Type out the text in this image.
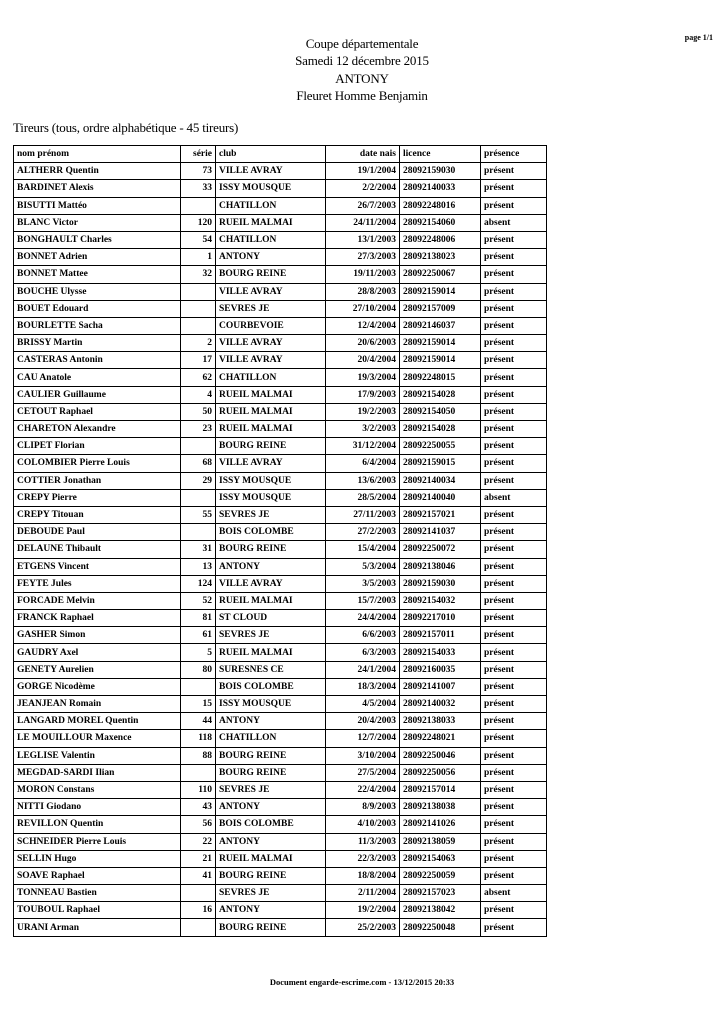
Coupe départementale
Samedi 12 décembre 2015
ANTONY
Fleuret Homme Benjamin
page 1/1
Tireurs (tous, ordre alphabétique - 45 tireurs)
nom prénom	série	club	date nais	licence	présence
ALTHERR Quentin	73	VILLE AVRAY	19/1/2004	28092159030	présent
BARDINET Alexis	33	ISSY MOUSQUE	2/2/2004	28092140033	présent
BISUTTI Mattéo		CHATILLON	26/7/2003	28092248016	présent
BLANC Victor	120	RUEIL MALMAI	24/11/2004	28092154060	absent
BONGHAULT Charles	54	CHATILLON	13/1/2003	28092248006	présent
BONNET Adrien	1	ANTONY	27/3/2003	28092138023	présent
BONNET Mattee	32	BOURG REINE	19/11/2003	28092250067	présent
BOUCHE Ulysse		VILLE AVRAY	28/8/2003	28092159014	présent
BOUET Edouard		SEVRES JE	27/10/2004	28092157009	présent
BOURLETTE Sacha		COURBEVOIE	12/4/2004	28092146037	présent
BRISSY Martin	2	VILLE AVRAY	20/6/2003	28092159014	présent
CASTERAS Antonin	17	VILLE AVRAY	20/4/2004	28092159014	présent
CAU Anatole	62	CHATILLON	19/3/2004	28092248015	présent
CAULIER Guillaume	4	RUEIL MALMAI	17/9/2003	28092154028	présent
CETOUT Raphael	50	RUEIL MALMAI	19/2/2003	28092154050	présent
CHARETON Alexandre	23	RUEIL MALMAI	3/2/2003	28092154028	présent
CLIPET Florian		BOURG REINE	31/12/2004	28092250055	présent
COLOMBIER Pierre Louis	68	VILLE AVRAY	6/4/2004	28092159015	présent
COTTIER Jonathan	29	ISSY MOUSQUE	13/6/2003	28092140034	présent
CREPY Pierre		ISSY MOUSQUE	28/5/2004	28092140040	absent
CREPY Titouan	55	SEVRES JE	27/11/2003	28092157021	présent
DEBOUDE Paul		BOIS COLOMBE	27/2/2003	28092141037	présent
DELAUNE Thibault	31	BOURG REINE	15/4/2004	28092250072	présent
ETGENS Vincent	13	ANTONY	5/3/2004	28092138046	présent
FEYTE Jules	124	VILLE AVRAY	3/5/2003	28092159030	présent
FORCADE Melvin	52	RUEIL MALMAI	15/7/2003	28092154032	présent
FRANCK Raphael	81	ST CLOUD	24/4/2004	28092217010	présent
GASHER Simon	61	SEVRES JE	6/6/2003	28092157011	présent
GAUDRY Axel	5	RUEIL MALMAI	6/3/2003	28092154033	présent
GENETY Aurelien	80	SURESNES CE	24/1/2004	28092160035	présent
GORGE Nicodème		BOIS COLOMBE	18/3/2004	28092141007	présent
JEANJEAN Romain	15	ISSY MOUSQUE	4/5/2004	28092140032	présent
LANGARD MOREL Quentin	44	ANTONY	20/4/2003	28092138033	présent
LE MOUILLOUR Maxence	118	CHATILLON	12/7/2004	28092248021	présent
LEGLISE Valentin	88	BOURG REINE	3/10/2004	28092250046	présent
MEGDAD-SARDI Ilian		BOURG REINE	27/5/2004	28092250056	présent
MORON Constans	110	SEVRES JE	22/4/2004	28092157014	présent
NITTI Giodano	43	ANTONY	8/9/2003	28092138038	présent
REVILLON Quentin	56	BOIS COLOMBE	4/10/2003	28092141026	présent
SCHNEIDER Pierre Louis	22	ANTONY	11/3/2003	28092138059	présent
SELLIN Hugo	21	RUEIL MALMAI	22/3/2003	28092154063	présent
SOAVE Raphael	41	BOURG REINE	18/8/2004	28092250059	présent
TONNEAU Bastien		SEVRES JE	2/11/2004	28092157023	absent
TOUBOUL Raphael	16	ANTONY	19/2/2004	28092138042	présent
URANI Arman		BOURG REINE	25/2/2003	28092250048	présent
Document engarde-escrime.com - 13/12/2015 20:33
